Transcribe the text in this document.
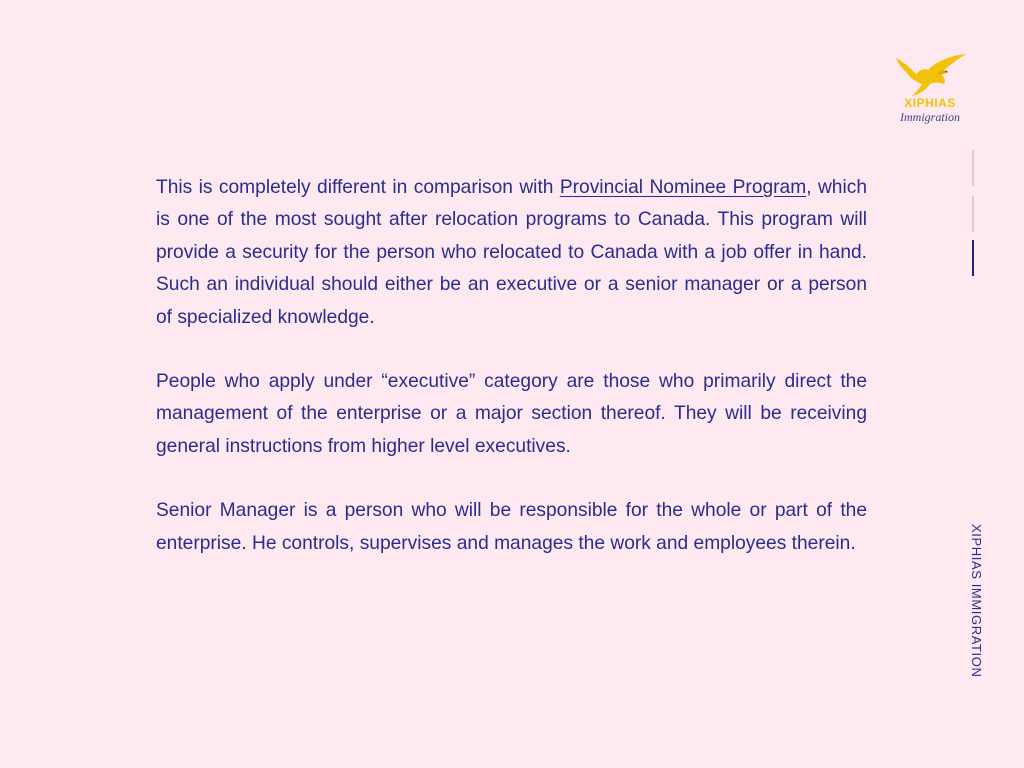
XIPHIAS
Immigration

This is completely different in comparison with Provincial Nominee Program, which is one of the most sought after relocation programs to Canada. This program will provide a security for the person who relocated to Canada with a job offer in hand. Such an individual should either be an executive or a senior manager or a person of specialized knowledge.

People who apply under “executive” category are those who primarily direct the management of the enterprise or a major section thereof. They will be receiving general instructions from higher level executives.

Senior Manager is a person who will be responsible for the whole or part of the enterprise. He controls, supervises and manages the work and employees therein.	XIPHIAS IMMIGRATION
